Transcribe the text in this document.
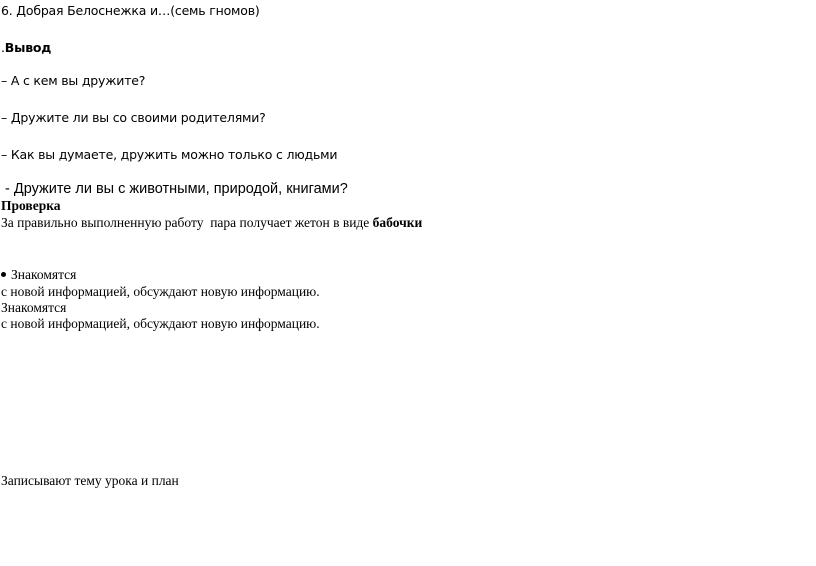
6. Добрая Белоснежка и…(семь гномов)
.Вывод
– А с кем вы дружите?
– Дружите ли вы со своими родителями?
– Как вы думаете, дружить можно только с людьми
- Дружите ли вы с животными, природой, книгами?
Проверка
За правильно выполненную работу  пара получает жетон в виде бабочки
Знакомятся
с новой информацией, обсуждают новую информацию.
Знакомятся
с новой информацией, обсуждают новую информацию.
Записывают тему урока и план
